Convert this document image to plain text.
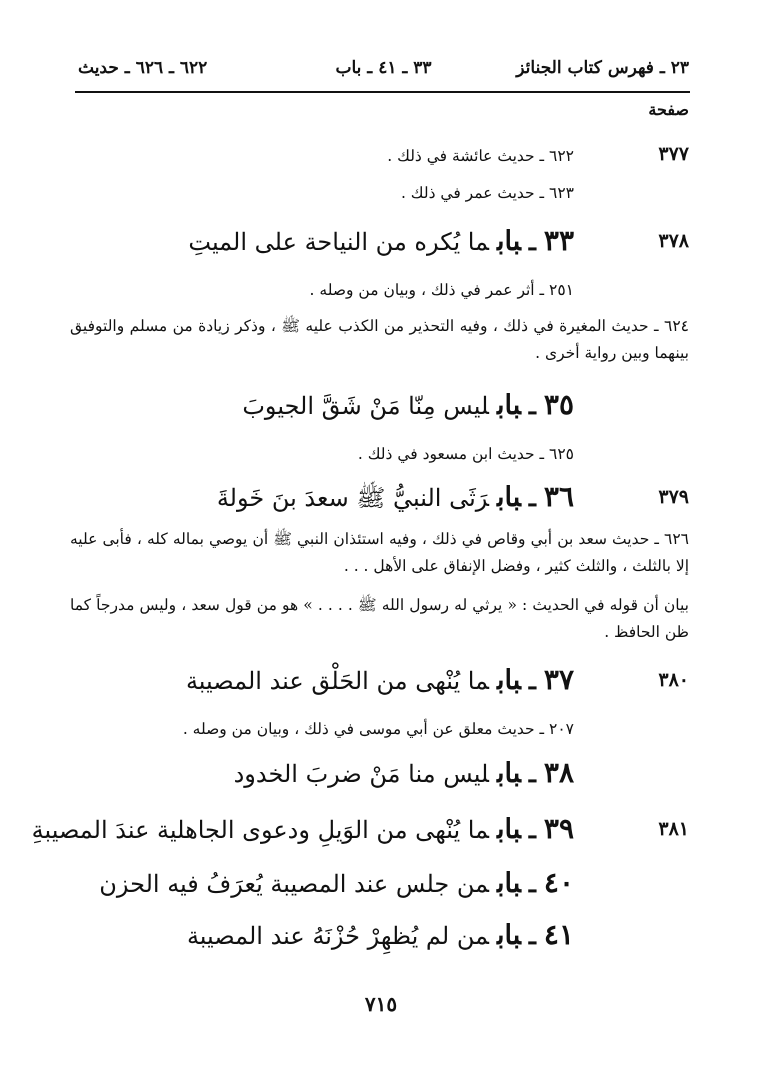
٢٣ ـ فهرس كتاب الجنائز
٣٣ ـ ٤١ ـ باب
٦٢٢ ـ ٦٢٦ ـ حديث
صفحة
٣٧٧
٦٢٢ ـ حديث عائشة في ذلك .
٦٢٣ ـ حديث عمر في ذلك .
٣٧٨
٣٣ـبابما يُكره من النياحة على الميتِ
٢٥١ ـ أثر عمر في ذلك ، وبيان من وصله .
٦٢٤ ـ حديث المغيرة في ذلك ، وفيه التحذير من الكذب عليه ﷺ ، وذكر زيادة من مسلم والتوفيق بينهما وبين رواية أخرى .
٣٥ـبابليس مِنّا مَنْ شَقَّ الجيوبَ
٦٢٥ ـ حديث ابن مسعود في ذلك .
٣٧٩
٣٦ـبابرَثَى النبيُّ ﷺ سعدَ بنَ خَولةَ
٦٢٦ ـ حديث سعد بن أبي وقاص في ذلك ، وفيه استئذان النبي ﷺ أن يوصي بماله كله ، فأبى عليه إلا بالثلث ، والثلث كثير ، وفضل الإنفاق على الأهل . . .
بيان أن قوله في الحديث : « يرثي له رسول الله ﷺ . . . . » هو من قول سعد ، وليس مدرجاً كما ظن الحافظ .
٣٨٠
٣٧ـبابما يُنْهى من الحَلْق عند المصيبة
٢٠٧ ـ حديث معلق عن أبي موسى في ذلك ، وبيان من وصله .
٣٨ـبابليس منا مَنْ ضربَ الخدود
٣٨١
٣٩ـبابما يُنْهى من الوَيلِ ودعوى الجاهلية عندَ المصيبةِ
٤٠ـبابمن جلس عند المصيبة يُعرَفُ فيه الحزن
٤١ـبابمن لم يُظهِرْ حُزْنَهُ عند المصيبة
٧١٥
